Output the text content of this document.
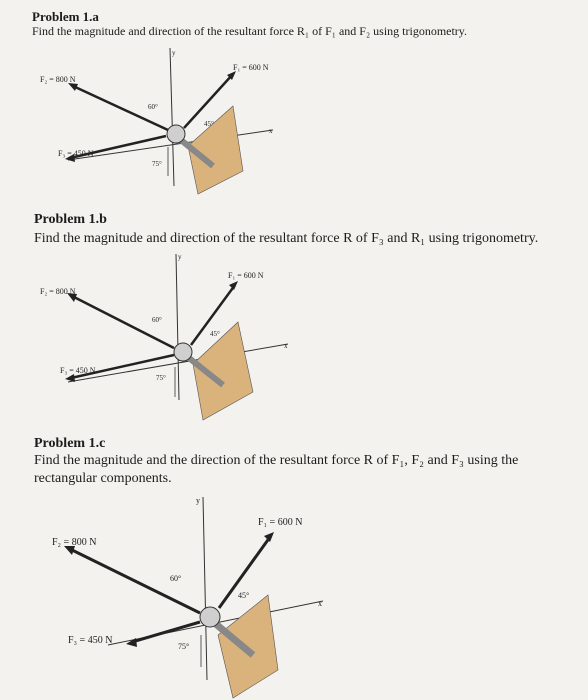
Problem 1.a
Find the magnitude and direction of the resultant force R₁ of F₁ and F₂ using trigonometry.
F₂ = 800 N
F₃ = 450 N
F₁ = 600 N
60°
45°
75°
y
x
Problem 1.b
Find the magnitude and direction of the resultant force R of F₃ and R₁ using trigonometry.
F₂ = 800 N
F₃ = 450 N
F₁ = 600 N
60°
45°
75°
y
x
Problem 1.c
Find the magnitude and the direction of the resultant force R of F₁, F₂ and F₃ using the rectangular components.
F₂ = 800 N
F₃ = 450 N
F₁ = 600 N
60°
45°
75°
y
x
